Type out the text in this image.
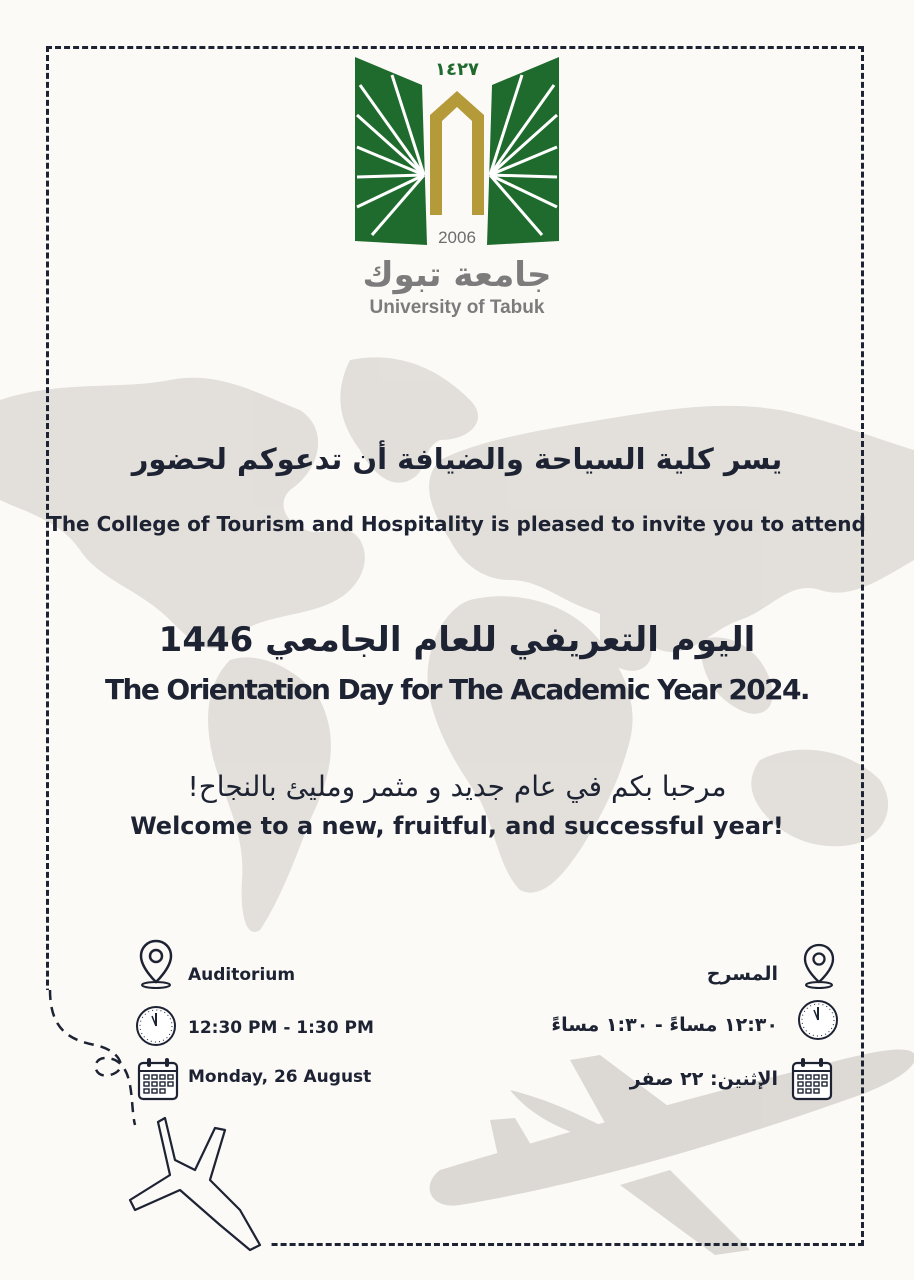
١٤٢٧
2006
جامعة تبوك
University of Tabuk
يسر كلية السياحة والضيافة أن تدعوكم لحضور
The College of Tourism and Hospitality is pleased to invite you to attend
اليوم التعريفي للعام الجامعي 1446
The Orientation Day for The Academic Year 2024.
مرحبا بكم في عام جديد و مثمر ومليئ بالنجاح!
Welcome to a new, fruitful, and successful year!
Auditorium
12:30 PM - 1:30 PM
Monday, 26 August
المسرح
١٢:٣٠ مساءً - ١:٣٠ مساءً
الإثنين: ٢٢ صفر
